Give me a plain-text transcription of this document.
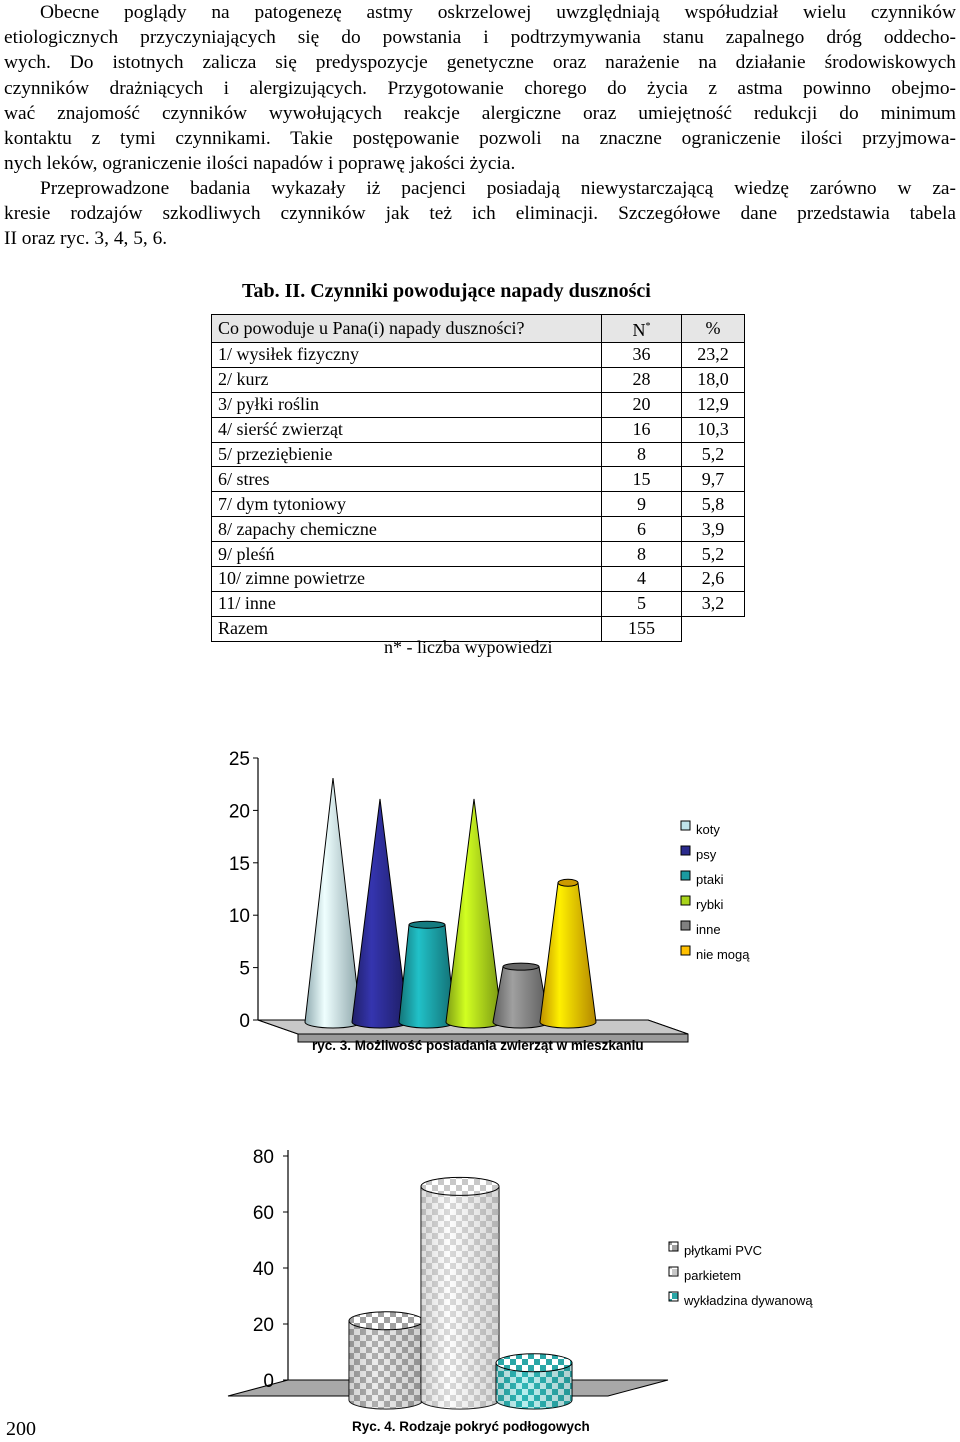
Obecne poglądy na patogenezę astmy oskrzelowej uwzględniają współudział wielu czynników
etiologicznych przyczyniających się do powstania i podtrzymywania stanu zapalnego dróg oddecho-
wych. Do istotnych zalicza się predyspozycje genetyczne oraz narażenie na działanie środowiskowych
czynników drażniących i alergizujących. Przygotowanie chorego do życia z astma powinno obejmo-
wać znajomość czynników wywołujących reakcje alergiczne oraz umiejętność redukcji do minimum
kontaktu z tymi czynnikami. Takie postępowanie pozwoli na znaczne ograniczenie ilości przyjmowa-
nych leków, ograniczenie ilości napadów i poprawę jakości życia.
Przeprowadzone badania wykazały iż pacjenci posiadają niewystarczającą wiedzę zarówno w za-
kresie rodzajów szkodliwych czynników jak też ich eliminacji. Szczegółowe dane przedstawia tabela
II oraz ryc. 3, 4, 5, 6.
Tab. II. Czynniki powodujące napady duszności
Co powoduje u Pana(i) napady duszności?	N*	%
1/ wysiłek fizyczny	36	23,2
2/ kurz	28	18,0
3/ pyłki roślin	20	12,9
4/ sierść zwierząt	16	10,3
5/ przeziębienie	8	5,2
6/ stres	15	9,7
7/ dym tytoniowy	9	5,8
8/ zapachy chemiczne	6	3,9
9/ pleśń	8	5,2
10/ zimne powietrze	4	2,6
11/ inne	5	3,2
Razem	155	
n* - liczba wypowiedzi
0
5
10
15
20
25
koty
psy
ptaki
rybki
inne
nie mogą
ryc. 3. Możliwość posiadania zwierząt w mieszkaniu
0
20
40
60
80
płytkami PVC
parkietem
wykładzina dywanową
Ryc. 4. Rodzaje pokryć podłogowych
200
